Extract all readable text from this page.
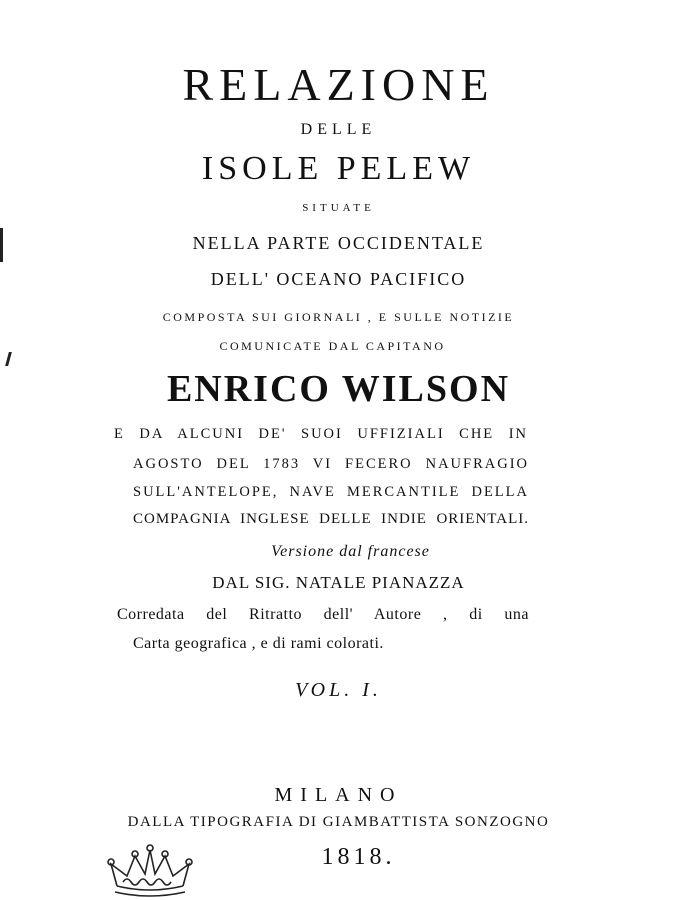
RELAZIONE
DELLE
ISOLE PELEW
SITUATE
NELLA PARTE OCCIDENTALE
DELL' OCEANO PACIFICO
COMPOSTA SUI GIORNALI , E SULLE NOTIZIE
COMUNICATE DAL CAPITANO
ENRICO WILSON
E DA ALCUNI DE' SUOI UFFIZIALI CHE IN
AGOSTO DEL 1783 VI FECERO NAUFRAGIO
SULL'ANTELOPE, NAVE MERCANTILE DELLA
COMPAGNIA INGLESE DELLE INDIE ORIENTALI.
Versione dal francese
DAL SIG. NATALE PIANAZZA
Corredata del Ritratto dell' Autore , di una
Carta geografica , e di rami colorati.
VOL. I.
MILANO
DALLA TIPOGRAFIA DI GIAMBATTISTA SONZOGNO
1818.
